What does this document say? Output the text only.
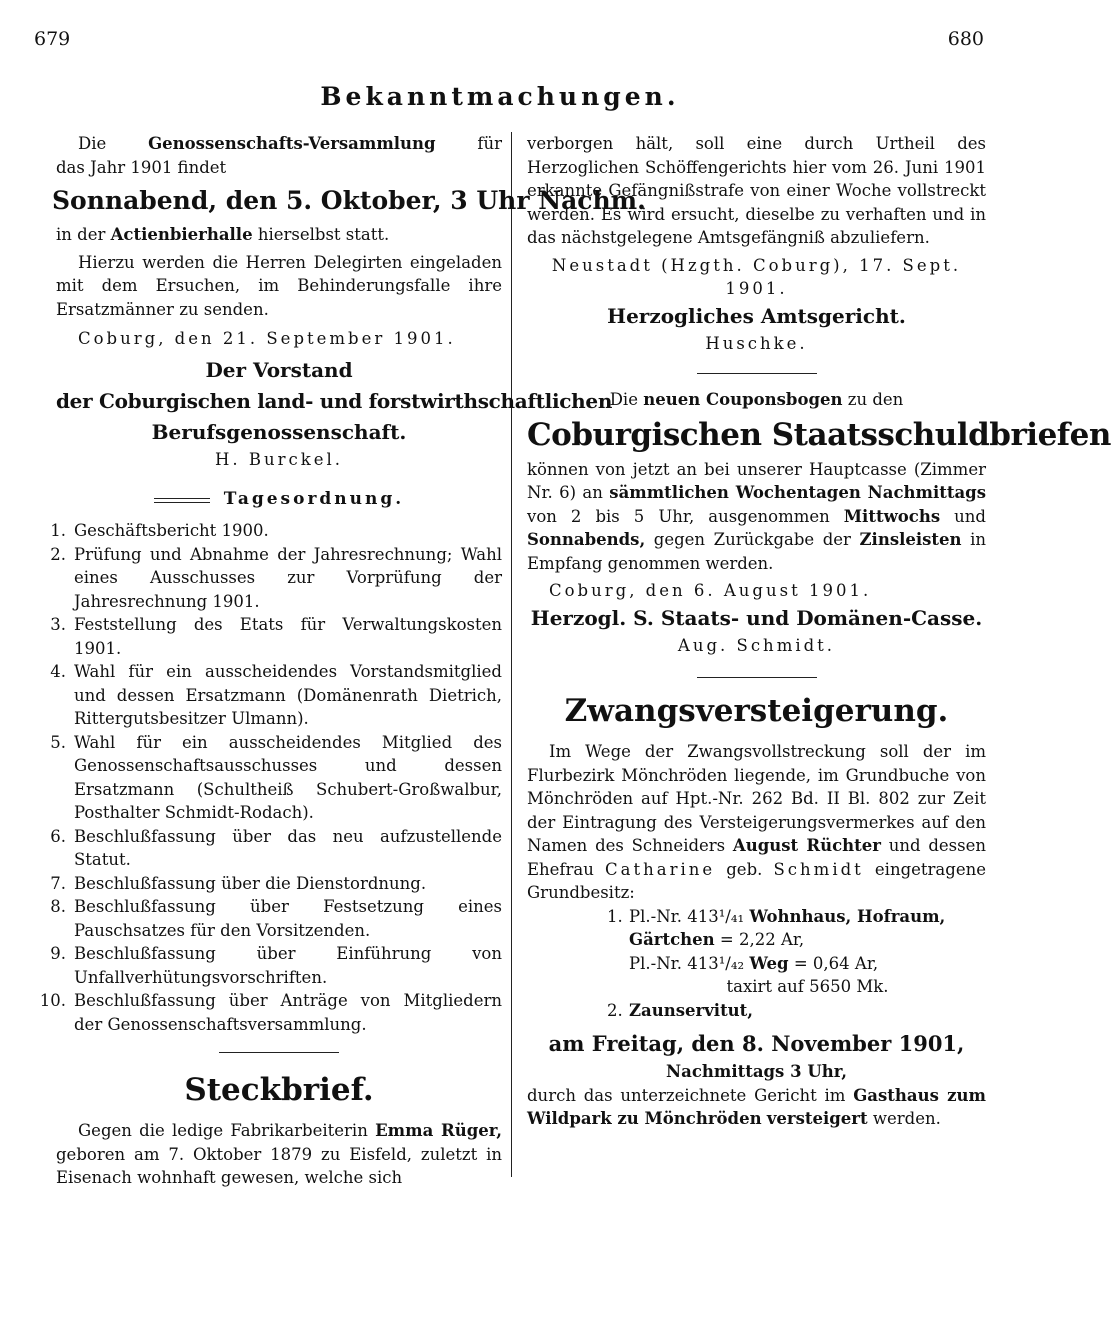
679	680
Bekanntmachungen.

Die	Genossenschafts-Versammlung	für

das Jahr 1901 findet

Sonnabend, den 5. Oktober, 3 Uhr Nachm.

in der Actienbierhalle hierselbst statt.

Hierzu werden die Herren Delegirten eingeladen mit dem Ersuchen, im Behinderungsfalle ihre Ersatzmänner zu senden.

Coburg, den 21. September 1901.

Der Vorstand

der Coburgischen land- und forstwirthschaftlichen

Berufsgenossenschaft.

H. Burckel.

Tagesordnung.
1. Geschäftsbericht 1900.
2. Prüfung und Abnahme der Jahresrechnung; Wahl eines Ausschusses zur Vorprüfung der Jahresrechnung 1901.
3. Feststellung des Etats für Verwaltungskosten 1901.
4. Wahl für ein ausscheidendes Vorstandsmitglied und dessen Ersatzmann (Domänenrath Dietrich, Rittergutsbesitzer Ulmann).
5. Wahl für ein ausscheidendes Mitglied des Genossenschaftsausschusses und dessen Ersatzmann (Schultheiß Schubert-Großwalbur, Posthalter Schmidt-Rodach).
6. Beschlußfassung über das neu aufzustellende Statut.
7. Beschlußfassung über die Dienstordnung.
8. Beschlußfassung über Festsetzung eines Pauschsatzes für den Vorsitzenden.
9. Beschlußfassung über Einführung von Unfallverhütungsvorschriften.
10. Beschlußfassung über Anträge von Mitgliedern der Genossenschaftsversammlung.

Steckbrief.

Gegen die ledige Fabrikarbeiterin Emma Rüger, geboren am 7. Oktober 1879 zu Eisfeld, zuletzt in Eisenach wohnhaft gewesen, welche sich

verborgen hält, soll eine durch Urtheil des Herzoglichen Schöffengerichts hier vom 26. Juni 1901 erkannte Gefängnißstrafe von einer Woche vollstreckt werden. Es wird ersucht, dieselbe zu verhaften und in das nächstgelegene Amtsgefängniß abzuliefern.

Neustadt (Hzgth. Coburg), 17. Sept. 1901.

Herzogliches Amtsgericht.

Huschke.

Die neuen Couponsbogen zu den

Coburgischen Staatsschuldbriefen

können von jetzt an bei unserer Hauptcasse (Zimmer Nr. 6) an sämmtlichen Wochentagen Nachmittags von 2 bis 5 Uhr, ausgenommen Mittwochs und Sonnabends, gegen Zurückgabe der Zinsleisten in Empfang genommen werden.

Coburg, den 6. August 1901.

Herzogl. S. Staats- und Domänen-Casse.

Aug. Schmidt.

Zwangsversteigerung.

Im Wege der Zwangsvollstreckung soll der im Flurbezirk Mönchröden liegende, im Grundbuche von Mönchröden auf Hpt.-Nr. 262 Bd. II Bl. 802 zur Zeit der Eintragung des Versteigerungsvermerkes auf den Namen des Schneiders August Rüchter und dessen Ehefrau Catharine geb. Schmidt eingetragene Grundbesitz:

1. Pl.-Nr. 413¹/₄₁ Wohnhaus, Hofraum, Gärtchen = 2,22 Ar,
Pl.-Nr. 413¹/₄₂ Weg = 0,64 Ar,

taxirt auf 5650 Mk.
2. Zaunservitut,

am Freitag, den 8. November 1901,

Nachmittags 3 Uhr,

durch das unterzeichnete Gericht im Gasthaus zum Wildpark zu Mönchröden versteigert werden.
